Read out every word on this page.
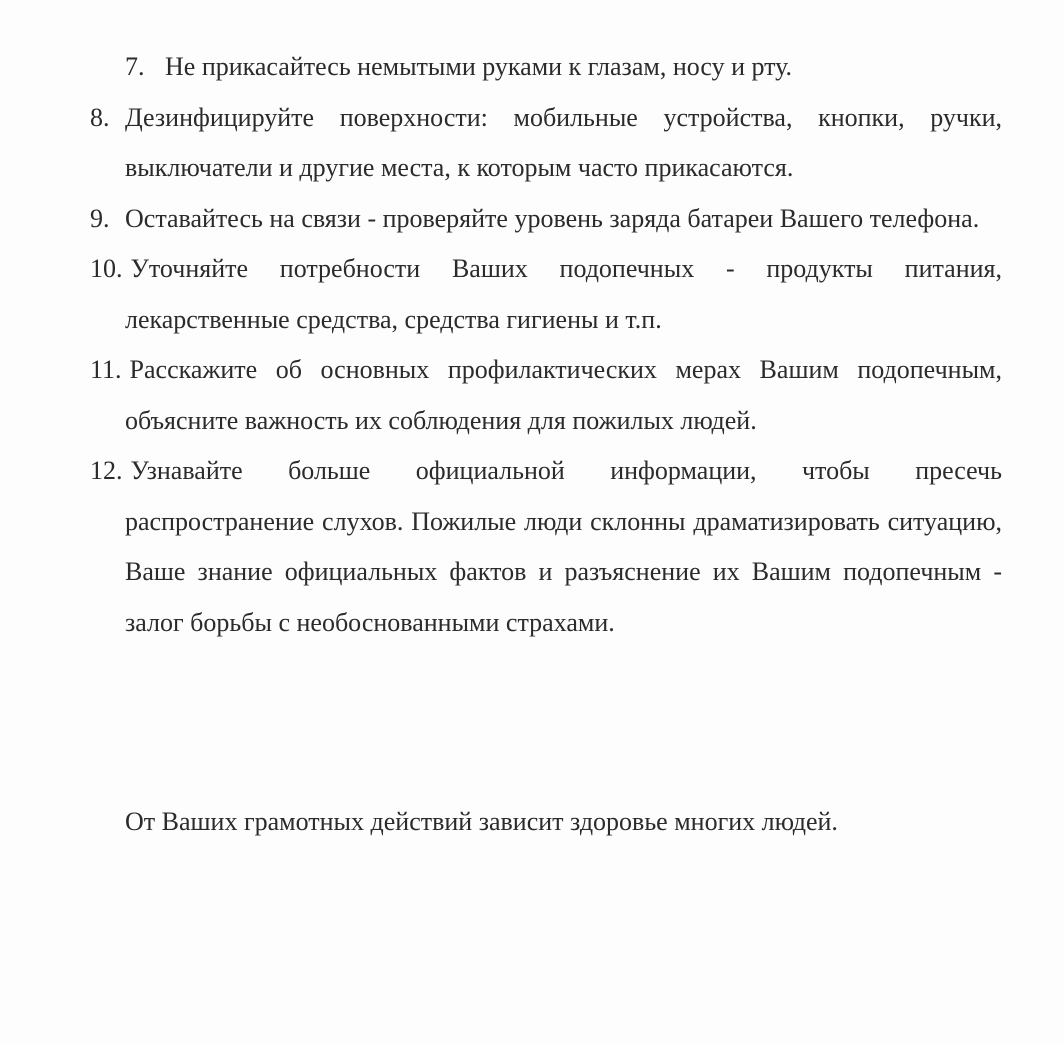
7. Не прикасайтесь немытыми руками к глазам, носу и рту.
8. Дезинфицируйте поверхности: мобильные устройства, кнопки, ручки, выключатели и другие места, к которым часто прикасаются.
9. Оставайтесь на связи - проверяйте уровень заряда батареи Вашего телефона.
10. Уточняйте потребности Ваших подопечных - продукты питания, лекарственные средства, средства гигиены и т.п.
11. Расскажите об основных профилактических мерах Вашим подопечным, объясните важность их соблюдения для пожилых людей.
12. Узнавайте больше официальной информации, чтобы пресечь распространение слухов. Пожилые люди склонны драматизировать ситуацию, Ваше знание официальных фактов и разъяснение их Вашим подопечным - залог борьбы с необоснованными страхами.
От Ваших грамотных действий зависит здоровье многих людей.
